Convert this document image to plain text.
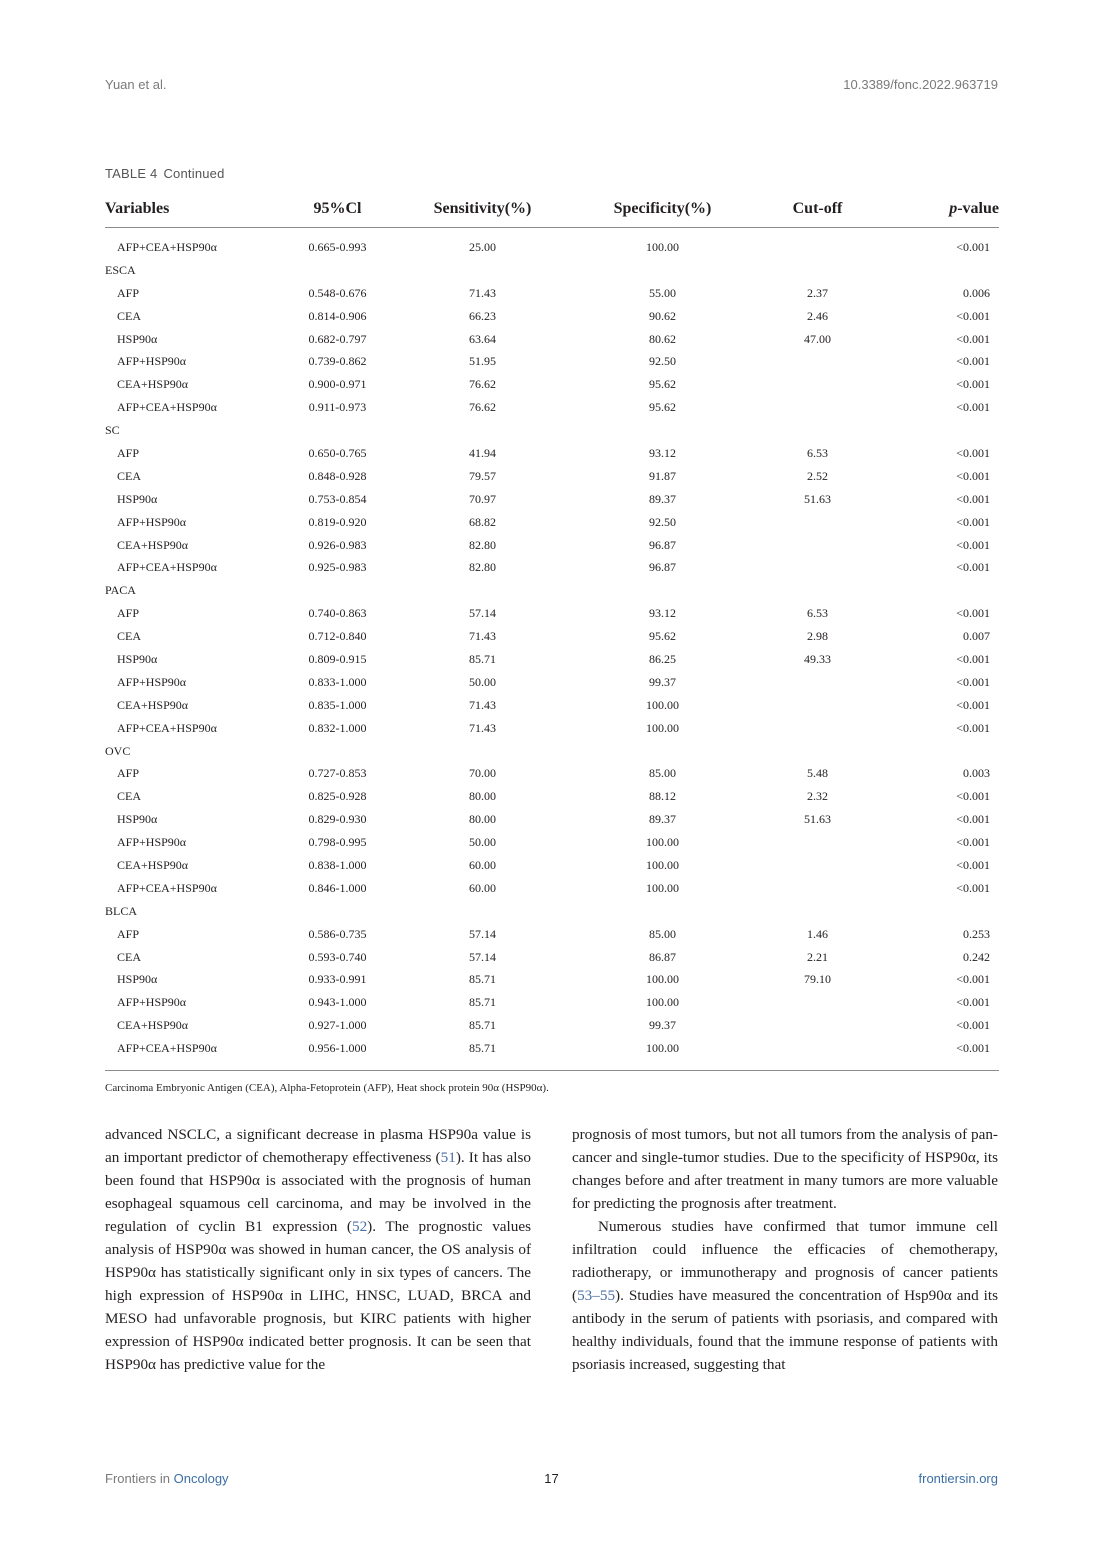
Yuan et al.	10.3389/fonc.2022.963719
TABLE 4 Continued
Variables	95%Cl	Sensitivity(%)	Specificity(%)	Cut-off	p-value

AFP+CEA+HSP90α	0.665-0.993	25.00	100.00		<0.001
ESCA					
AFP	0.548-0.676	71.43	55.00	2.37	0.006
CEA	0.814-0.906	66.23	90.62	2.46	<0.001
HSP90α	0.682-0.797	63.64	80.62	47.00	<0.001
AFP+HSP90α	0.739-0.862	51.95	92.50		<0.001
CEA+HSP90α	0.900-0.971	76.62	95.62		<0.001
AFP+CEA+HSP90α	0.911-0.973	76.62	95.62		<0.001
SC					
AFP	0.650-0.765	41.94	93.12	6.53	<0.001
CEA	0.848-0.928	79.57	91.87	2.52	<0.001
HSP90α	0.753-0.854	70.97	89.37	51.63	<0.001
AFP+HSP90α	0.819-0.920	68.82	92.50		<0.001
CEA+HSP90α	0.926-0.983	82.80	96.87		<0.001
AFP+CEA+HSP90α	0.925-0.983	82.80	96.87		<0.001
PACA					
AFP	0.740-0.863	57.14	93.12	6.53	<0.001
CEA	0.712-0.840	71.43	95.62	2.98	0.007
HSP90α	0.809-0.915	85.71	86.25	49.33	<0.001
AFP+HSP90α	0.833-1.000	50.00	99.37		<0.001
CEA+HSP90α	0.835-1.000	71.43	100.00		<0.001
AFP+CEA+HSP90α	0.832-1.000	71.43	100.00		<0.001
OVC					
AFP	0.727-0.853	70.00	85.00	5.48	0.003
CEA	0.825-0.928	80.00	88.12	2.32	<0.001
HSP90α	0.829-0.930	80.00	89.37	51.63	<0.001
AFP+HSP90α	0.798-0.995	50.00	100.00		<0.001
CEA+HSP90α	0.838-1.000	60.00	100.00		<0.001
AFP+CEA+HSP90α	0.846-1.000	60.00	100.00		<0.001
BLCA					
AFP	0.586-0.735	57.14	85.00	1.46	0.253
CEA	0.593-0.740	57.14	86.87	2.21	0.242
HSP90α	0.933-0.991	85.71	100.00	79.10	<0.001
AFP+HSP90α	0.943-1.000	85.71	100.00		<0.001
CEA+HSP90α	0.927-1.000	85.71	99.37		<0.001
AFP+CEA+HSP90α	0.956-1.000	85.71	100.00		<0.001
Carcinoma Embryonic Antigen (CEA), Alpha-Fetoprotein (AFP), Heat shock protein 90α (HSP90α).

advanced NSCLC, a significant decrease in plasma HSP90a value is an important predictor of chemotherapy effectiveness (51). It has also been found that HSP90α is associated with the prognosis of human esophageal squamous cell carcinoma, and may be involved in the regulation of cyclin B1 expression (52). The prognostic values analysis of HSP90α was showed in human cancer, the OS analysis of HSP90α has statistically significant only in six types of cancers. The high expression of HSP90α in LIHC, HNSC, LUAD, BRCA and MESO had unfavorable prognosis, but KIRC patients with higher expression of HSP90α indicated better prognosis. It can be seen that HSP90α has predictive value for the

prognosis of most tumors, but not all tumors from the analysis of pan-cancer and single-tumor studies. Due to the specificity of HSP90α, its changes before and after treatment in many tumors are more valuable for predicting the prognosis after treatment.

Numerous studies have confirmed that tumor immune cell infiltration could influence the efficacies of chemotherapy, radiotherapy, or immunotherapy and prognosis of cancer patients (53–55). Studies have measured the concentration of Hsp90α and its antibody in the serum of patients with psoriasis, and compared with healthy individuals, found that the immune response of patients with psoriasis increased, suggesting that

Frontiers in Oncology	17	frontiersin.org
